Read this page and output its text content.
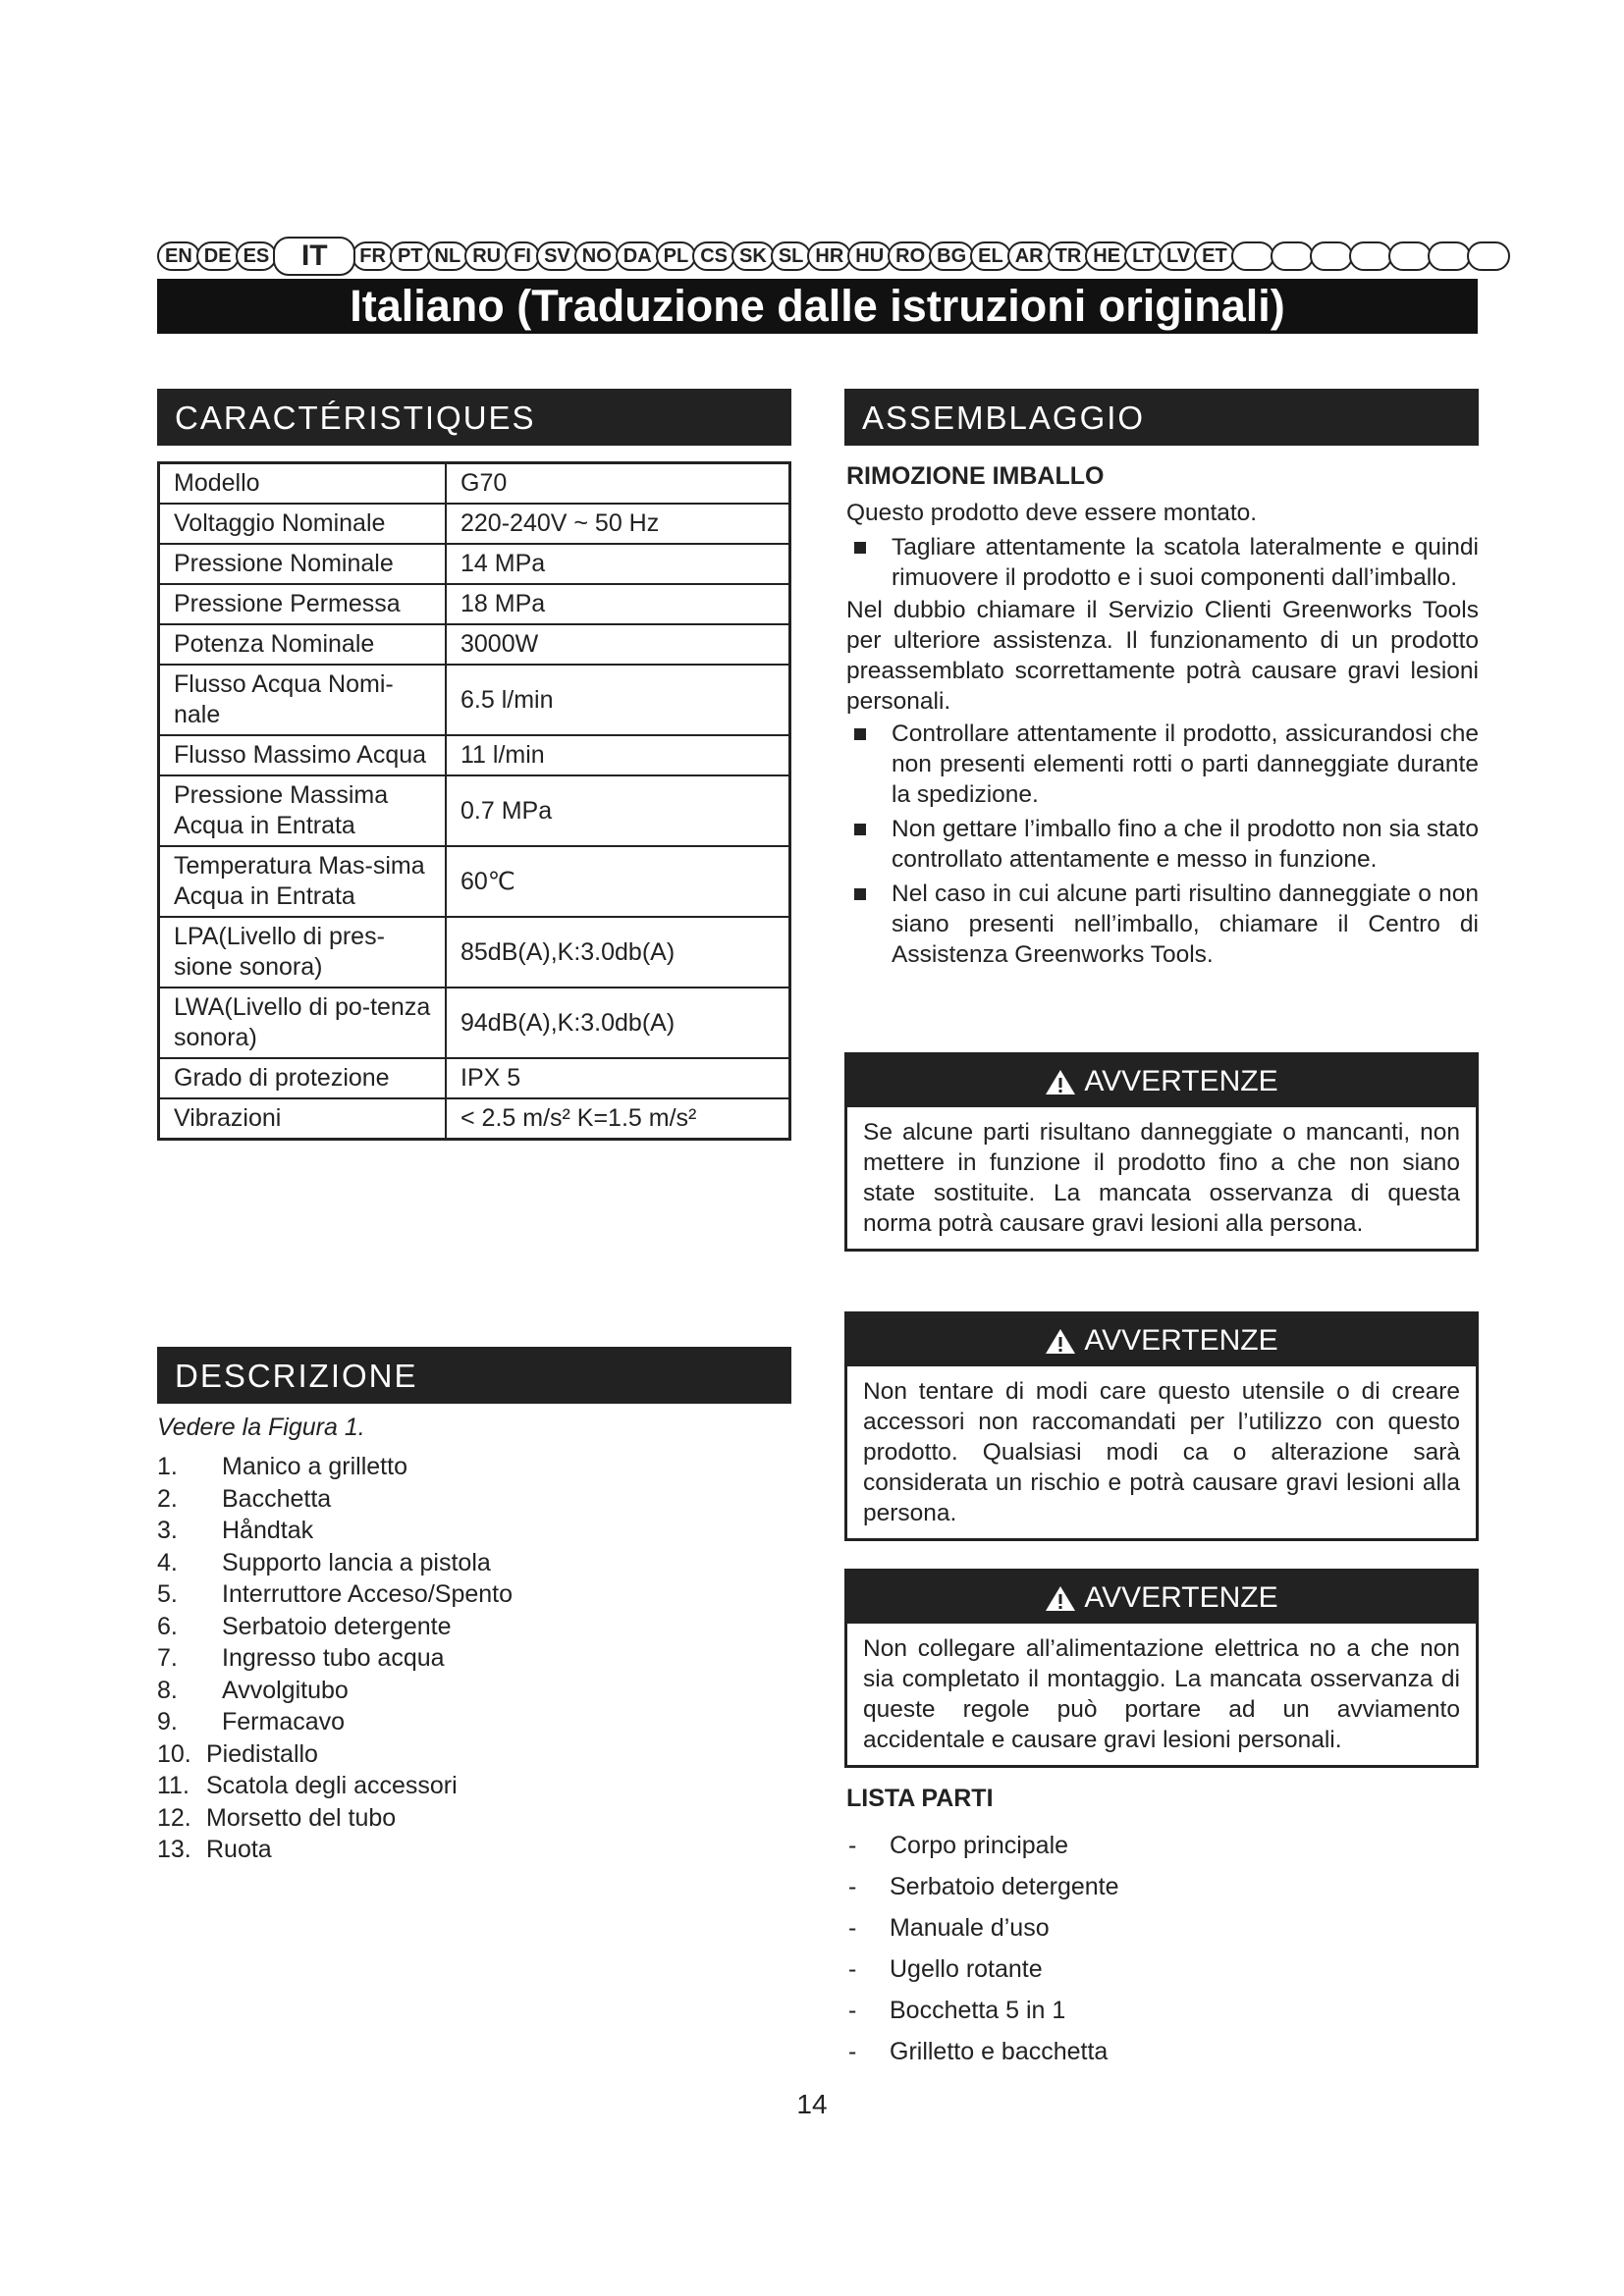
EN DE ES	IT	FR PT NL RU FI SV NO DA PL CS SK SL HR HU RO BG EL AR TR HE LT LV ET
Italiano (Traduzione dalle istruzioni originali)
CARACTÉRISTIQUES
Modello	G70
Voltaggio Nominale	220-240V ~ 50 Hz
Pressione Nominale	14 MPa
Pressione Permessa	18 MPa
Potenza Nominale	3000W
Flusso Acqua Nomi-nale	6.5 l/min
Flusso Massimo Acqua	11 l/min
Pressione Massima Acqua in Entrata	0.7 MPa
Temperatura Mas-sima Acqua in Entrata	60℃
LPA(Livello di pres-sione sonora)	85dB(A),K:3.0db(A)
LWA(Livello di po-tenza sonora)	94dB(A),K:3.0db(A)
Grado di protezione	IPX 5
Vibrazioni	< 2.5 m/s² K=1.5 m/s²
DESCRIZIONE
Vedere la Figura 1.
1.	Manico a grilletto
2.	Bacchetta
3.	Håndtak
4.	Supporto lancia a pistola
5.	Interruttore Acceso/Spento
6.	Serbatoio detergente
7.	Ingresso tubo acqua
8.	Avvolgitubo
9.	Fermacavo
10. Piedistallo
11. Scatola degli accessori
12. Morsetto del tubo
13. Ruota
ASSEMBLAGGIO
RIMOZIONE IMBALLO
Questo prodotto deve essere montato.
Tagliare attentamente la scatola lateralmente e quindi rimuovere il prodotto e i suoi componenti dall’imballo.
Nel dubbio chiamare il Servizio Clienti Greenworks Tools per ulteriore assistenza. Il funzionamento di un prodotto preassemblato scorrettamente potrà causare gravi lesioni personali.
Controllare attentamente il prodotto, assicurandosi che non presenti elementi rotti o parti danneggiate durante la spedizione.
Non gettare l’imballo fino a che il prodotto non sia stato controllato attentamente e messo in funzione.
Nel caso in cui alcune parti risultino danneggiate o non siano presenti nell’imballo, chiamare il Centro di Assistenza Greenworks Tools.
AVVERTENZE
Se alcune parti risultano danneggiate o mancanti, non mettere in funzione il prodotto fino a che non siano state sostituite. La mancata osservanza di questa norma potrà causare gravi lesioni alla persona.
AVVERTENZE
Non tentare di modi care questo utensile o di creare accessori non raccomandati per l’utilizzo con questo prodotto. Qualsiasi modi ca o alterazione sarà considerata un rischio e potrà causare gravi lesioni alla persona.
AVVERTENZE
Non collegare all’alimentazione elettrica no a che non sia completato il montaggio. La mancata osservanza di queste regole può portare ad un avviamento accidentale e causare gravi lesioni personali.
LISTA PARTI
-	Corpo principale
-	Serbatoio detergente
-	Manuale d’uso
-	Ugello rotante
-	Bocchetta 5 in 1
-	Grilletto e bacchetta
14
